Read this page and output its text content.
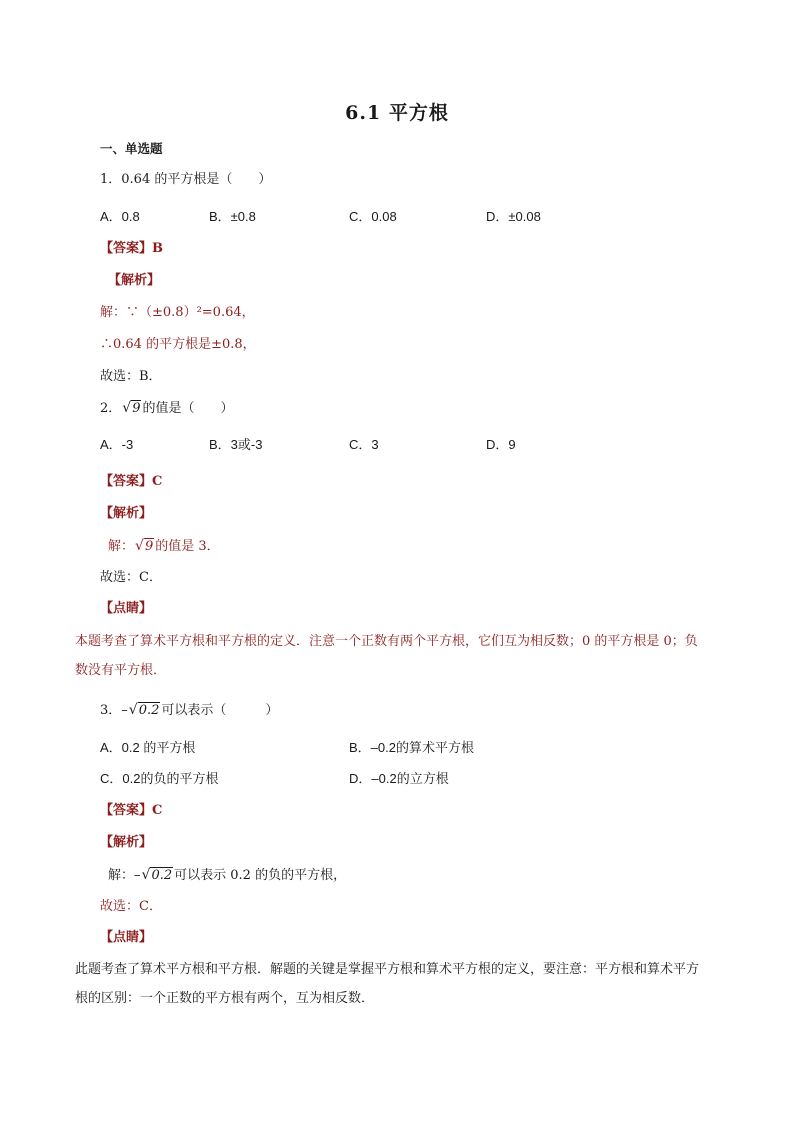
6.1 平方根
一、单选题
1．0.64 的平方根是（　　）
A．0.8	B．±0.8	C．0.08	D．±0.08
【答案】B
【解析】
解：∵（±0.8）²=0.64，
∴0.64 的平方根是±0.8，
故选：B．
2．√9 的值是（　　）
A．-3	B．3或-3	C．3	D．9
【答案】C
【解析】
解：√9 的值是 3．
故选：C．
【点睛】
本题考查了算术平方根和平方根的定义．注意一个正数有两个平方根，它们互为相反数；0 的平方根是 0；负数没有平方根．
3．–√0.2 可以表示（　　　）
A．0.2 的平方根	B．–0.2的算术平方根
C．0.2的负的平方根	D．–0.2的立方根
【答案】C
【解析】
解：–√0.2 可以表示 0.2 的负的平方根，
故选：C．
【点睛】
此题考查了算术平方根和平方根．解题的关键是掌握平方根和算术平方根的定义，要注意：平方根和算术平方根的区别：一个正数的平方根有两个，互为相反数．
